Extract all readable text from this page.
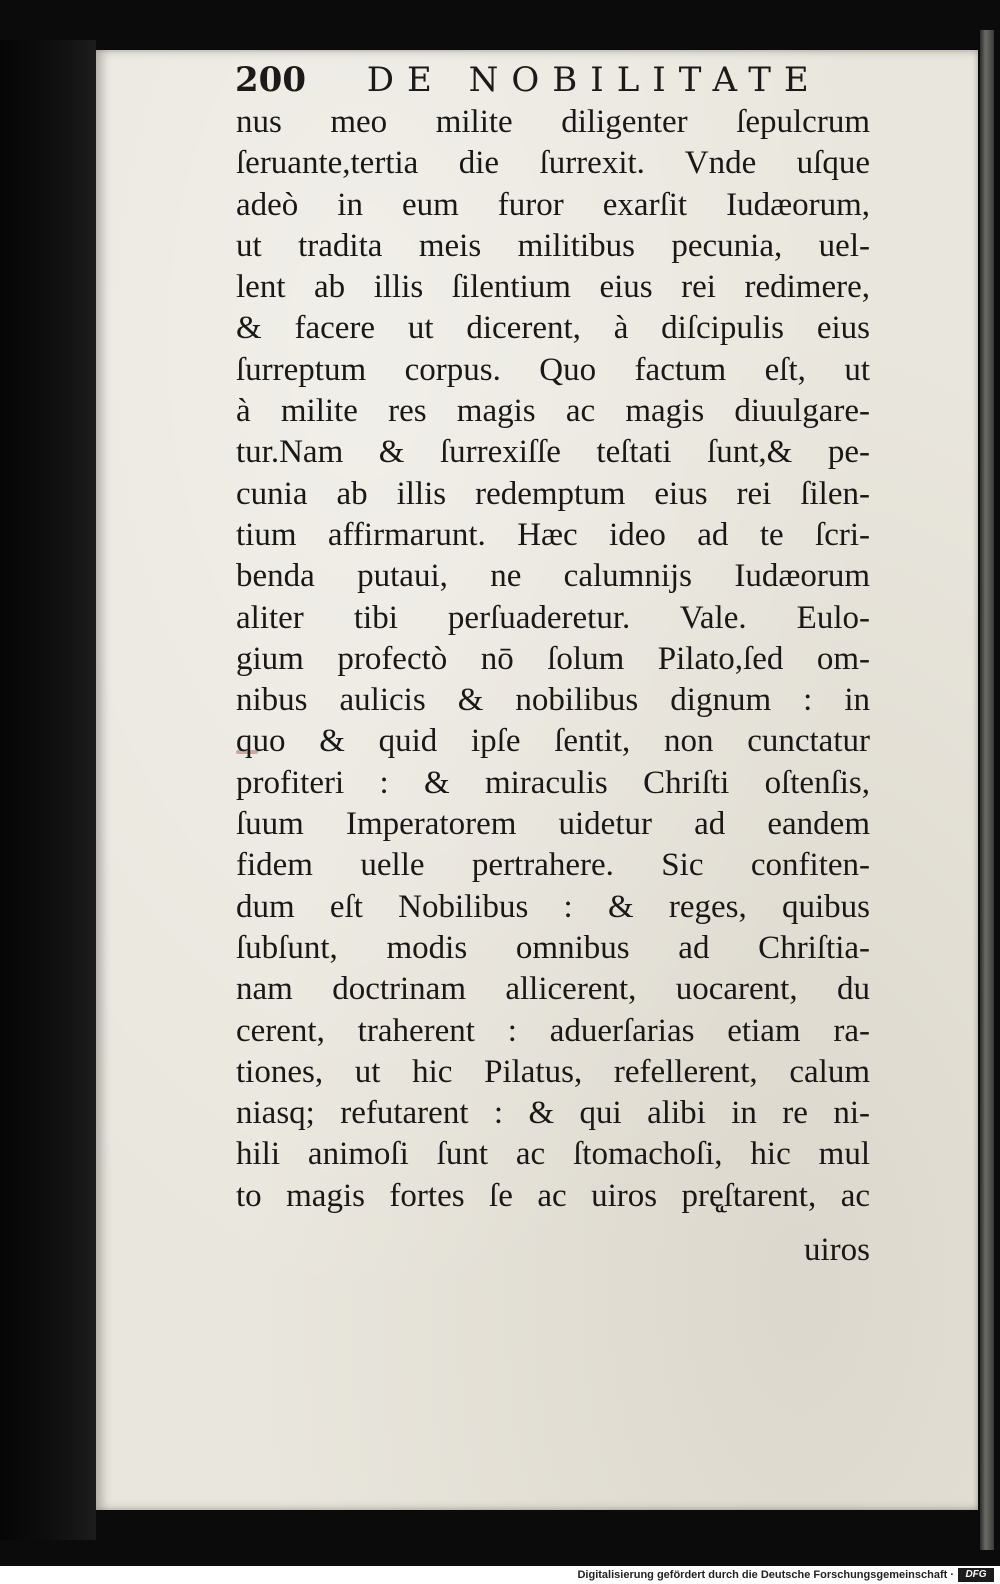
200 DE NOBILITATE
nus meo milite diligenter ſepulcrum
ſeruante,tertia die ſurrexit. Vnde uſque
adeò in eum furor exarſit Iudæorum,
ut tradita meis militibus pecunia, uel-
lent ab illis ſilentium eius rei redimere,
& facere ut dicerent, à diſcipulis eius
ſurreptum corpus. Quo factum eſt, ut
à milite res magis ac magis diuulgare-
tur.Nam & ſurrexiſſe teſtati ſunt,& pe-
cunia ab illis redemptum eius rei ſilen-
tium affirmarunt. Hæc ideo ad te ſcri-
benda putaui, ne calumnijs Iudæorum
aliter tibi perſuaderetur. Vale. Eulo-
gium profectò nō ſolum Pilato,ſed om-
nibus aulicis & nobilibus dignum : in
quo & quid ipſe ſentit, non cunctatur
profiteri : & miraculis Chriſti oſtenſis,
ſuum Imperatorem uidetur ad eandem
fidem uelle pertrahere. Sic confiten-
dum eſt Nobilibus : & reges, quibus
ſubſunt, modis omnibus ad Chriſtia-
nam doctrinam allicerent, uocarent, du
cerent, traherent : aduerſarias etiam ra-
tiones, ut hic Pilatus, refellerent, calum
niasq; refutarent : & qui alibi in re ni-
hili animoſi ſunt ac ſtomachoſi, hic mul
to magis fortes ſe ac uiros prę̨ſtarent, ac
uiros
Digitalisierung gefördert durch die Deutsche Forschungsgemeinschaft ·	DFG
